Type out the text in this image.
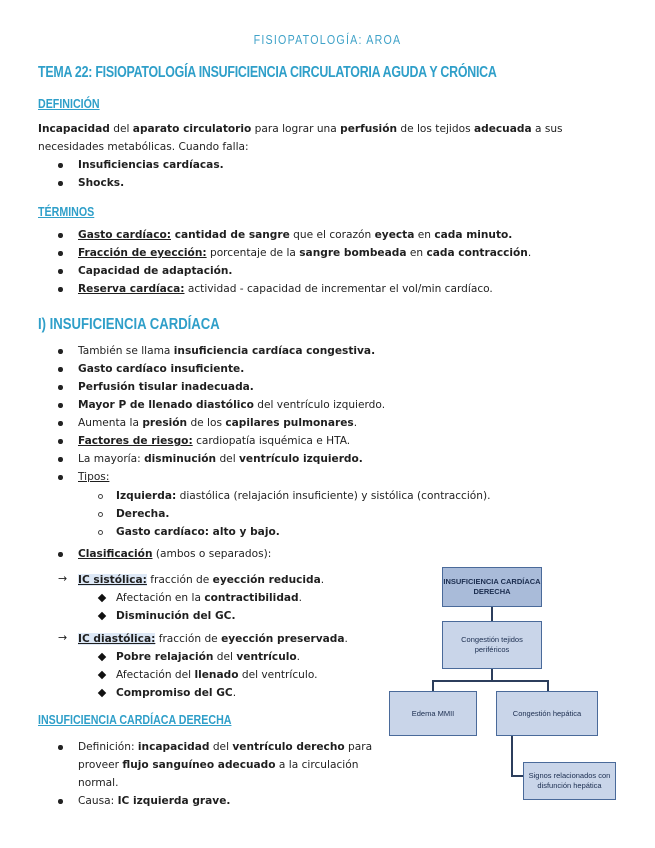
FISIOPATOLOGÍA: AROA
TEMA 22: FISIOPATOLOGÍA INSUFICIENCIA CIRCULATORIA AGUDA Y CRÓNICA
DEFINICIÓN
Incapacidad del aparato circulatorio para lograr una perfusión de los tejidos adecuada a sus
necesidades metabólicas. Cuando falla:
Insuficiencias cardíacas.
Shocks.
TÉRMINOS
Gasto cardíaco: cantidad de sangre que el corazón eyecta en cada minuto.
Fracción de eyección: porcentaje de la sangre bombeada en cada contracción.
Capacidad de adaptación.
Reserva cardíaca: actividad - capacidad de incrementar el vol/min cardíaco.
I) INSUFICIENCIA CARDÍACA
También se llama insuficiencia cardíaca congestiva.
Gasto cardíaco insuficiente.
Perfusión tisular inadecuada.
Mayor P de llenado diastólico del ventrículo izquierdo.
Aumenta la presión de los capilares pulmonares.
Factores de riesgo: cardiopatía isquémica e HTA.
La mayoría: disminución del ventrículo izquierdo.
Tipos:
Izquierda: diastólica (relajación insuficiente) y sistólica (contracción).
Derecha.
Gasto cardíaco: alto y bajo.
Clasificación (ambos o separados):
→ IC sistólica: fracción de eyección reducida.
Afectación en la contractibilidad.
Disminución del GC.
→ IC diastólica: fracción de eyección preservada.
Pobre relajación del ventrículo.
Afectación del llenado del ventrículo.
Compromiso del GC.
INSUFICIENCIA CARDÍACA DERECHA
Definición: incapacidad del ventrículo derecho para
proveer flujo sanguíneo adecuado a la circulación
normal.
Causa: IC izquierda grave.
INSUFICIENCIA CARDÍACA DERECHA
Congestión tejidos periféricos
Edema MMII	Congestión hepática
Signos relacionados con disfunción hepática
